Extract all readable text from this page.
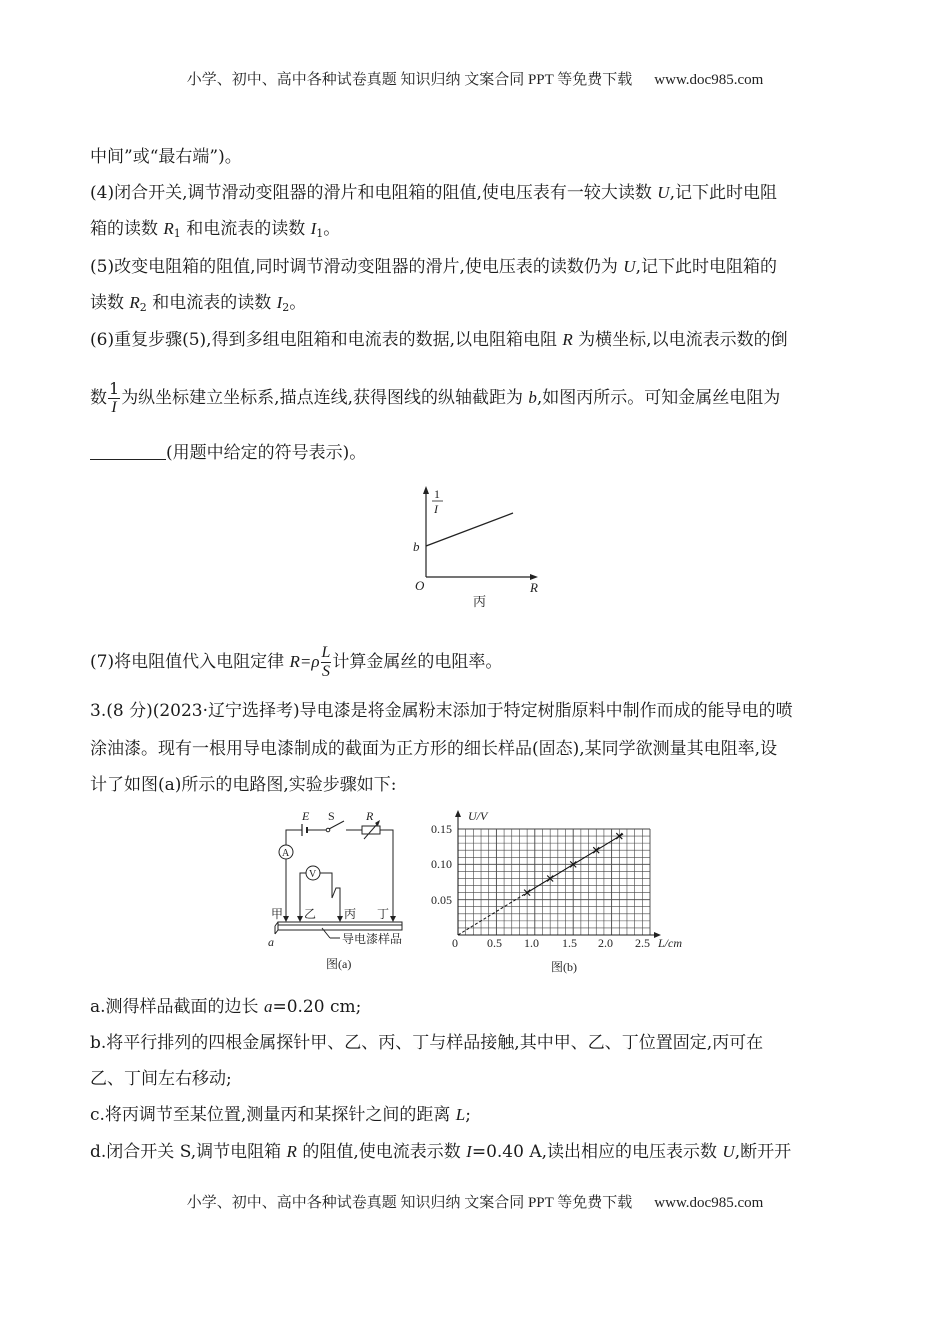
小学、初中、高中各种试卷真题 知识归纳 文案合同 PPT 等免费下载 www.doc985.com
中间”或“最右端”)。
(4)闭合开关,调节滑动变阻器的滑片和电阻箱的阻值,使电压表有一较大读数 U,记下此时电阻
箱的读数 $R_1$ 和电流表的读数 $I_1$。
(5)改变电阻箱的阻值,同时调节滑动变阻器的滑片,使电压表的读数仍为 U,记下此时电阻箱的
读数 $R_2$ 和电流表的读数 $I_2$。
(6)重复步骤(5),得到多组电阻箱和电流表的数据,以电阻箱电阻 R 为横坐标,以电流表示数的倒
数 $\frac{1}{I}$ 为纵坐标建立坐标系,描点连线,获得图线的纵轴截距为 b,如图丙所示。可知金属丝电阻为
(用题中给定的符号表示)。
1
I
b
O	R
丙
(7)将电阻值代入电阻定律 $R=\rho \frac{L}{S}$ 计算金属丝的电阻率。
3.(8 分)(2023·辽宁选择考)导电漆是将金属粉末添加于特定树脂原料中制作而成的能导电的喷
涂油漆。现有一根用导电漆制成的截面为正方形的细长样品(固态),某同学欲测量其电阻率,设
计了如图(a)所示的电路图,实验步骤如下:
E S	R
A
V
甲 乙 丙 丁
a	导电漆样品
图(a)
U/V
0.15
0.10
0.05
0 0.5 1.0 1.5 2.0 2.5 L/cm
图(b)
a.测得样品截面的边长 a=0.20 cm;
b.将平行排列的四根金属探针甲、乙、丙、丁与样品接触,其中甲、乙、丁位置固定,丙可在
乙、丁间左右移动;
c.将丙调节至某位置,测量丙和某探针之间的距离 L;
d.闭合开关 S,调节电阻箱 R 的阻值,使电流表示数 I=0.40 A,读出相应的电压表示数 U,断开开
小学、初中、高中各种试卷真题 知识归纳 文案合同 PPT 等免费下载 www.doc985.com
